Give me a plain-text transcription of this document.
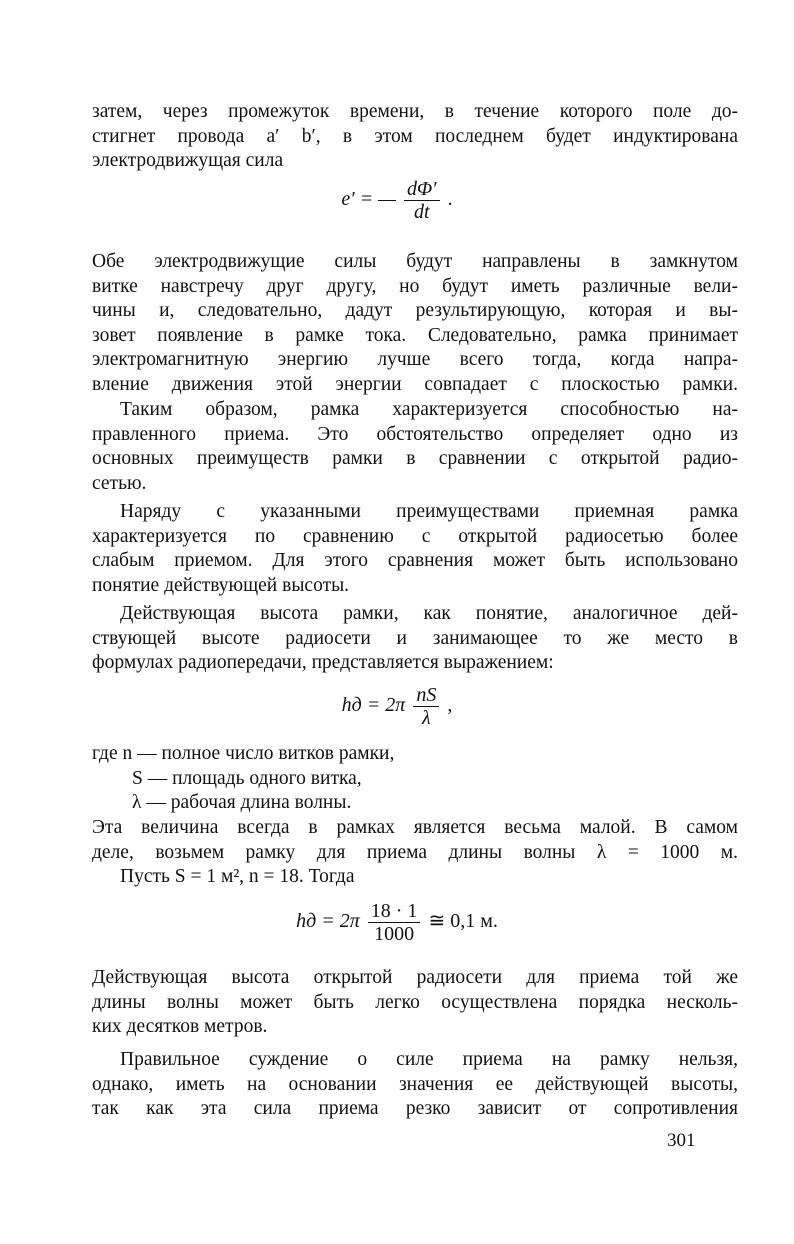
затем, через промежуток времени, в течение которого поле до-
стигнет провода a′ b′, в этом последнем будет индуктирована
электродвижущая сила
e′ = — $\frac{d\Phi'}{dt}$ .
Обе электродвижущие силы будут направлены в замкнутом
витке навстречу друг другу, но будут иметь различные вели-
чины и, следовательно, дадут результирующую, которая и вы-
зовет появление в рамке тока. Следовательно, рамка принимает
электромагнитную энергию лучше всего тогда, когда напра-
вление движения этой энергии совпадает с плоскостью рамки.
Таким образом, рамка характеризуется способностью на-
правленного приема. Это обстоятельство определяет одно из
основных преимуществ рамки в сравнении с открытой радио-
сетью.
Наряду с указанными преимуществами приемная рамка
характеризуется по сравнению с открытой радиосетью более
слабым приемом. Для этого сравнения может быть использовано
понятие действующей высоты.
Действующая высота рамки, как понятие, аналогичное дей-
ствующей высоте радиосети и занимающее то же место в
формулах радиопередачи, представляется выражением:
hд = $2\pi \frac{nS}{\lambda}$ ,
где n — полное число витков рамки,
S — площадь одного витка,
λ — рабочая длина волны.
Эта величина всегда в рамках является весьма малой. В самом
деле, возьмем рамку для приема длины волны λ = 1000 м.
Пусть S = 1 м², n = 18. Тогда
hд = $2\pi \frac{18 \cdot 1}{1000}$ ≅ 0,1 м.
Действующая высота открытой радиосети для приема той же
длины волны может быть легко осуществлена порядка несколь-
ких десятков метров.
Правильное суждение о силе приема на рамку нельзя,
однако, иметь на основании значения ее действующей высоты,
так как эта сила приема резко зависит от сопротивления
301
